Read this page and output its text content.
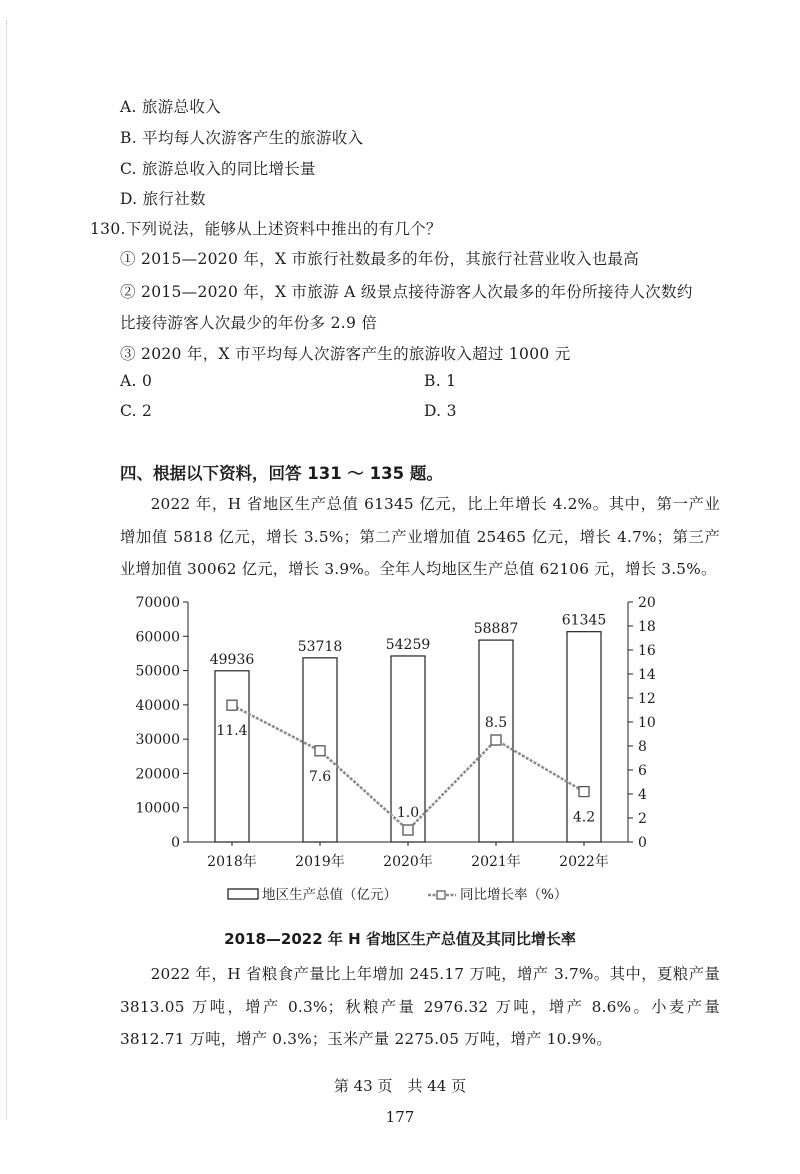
A. 旅游总收入
B. 平均每人次游客产生的旅游收入
C. 旅游总收入的同比增长量
D. 旅行社数
130.下列说法，能够从上述资料中推出的有几个？
① 2015—2020 年，X 市旅行社数最多的年份，其旅行社营业收入也最高
② 2015—2020 年，X 市旅游 A 级景点接待游客人次最多的年份所接待人次数约
比接待游客人次最少的年份多 2.9 倍
③ 2020 年，X 市平均每人次游客产生的旅游收入超过 1000 元
A. 0	B. 1
C. 2	D. 3
四、根据以下资料，回答 131 ～ 135 题。
2022 年，H 省地区生产总值 61345 亿元，比上年增长 4.2%。其中，第一产业增加值 5818 亿元，增长 3.5%；第二产业增加值 25465 亿元，增长 4.7%；第三产业增加值 30062 亿元，增长 3.9%。全年人均地区生产总值 62106 元，增长 3.5%。
0
10000
20000
30000
40000
50000
60000
70000
0
2
4
6
8
10
12
14
16
18
20
49936
2018年
53718
2019年
54259
2020年
58887
2021年
61345
2022年
11.4
7.6
1.0
8.5
4.2
地区生产总值（亿元）	同比增长率（%）
2018—2022 年 H 省地区生产总值及其同比增长率
2022 年，H 省粮食产量比上年增加 245.17 万吨，增产 3.7%。其中，夏粮产量 3813.05 万吨，增产 0.3%；秋粮产量 2976.32 万吨，增产 8.6%。小麦产量 3812.71 万吨，增产 0.3%；玉米产量 2275.05 万吨，增产 10.9%。
第 43 页　共 44 页
177
